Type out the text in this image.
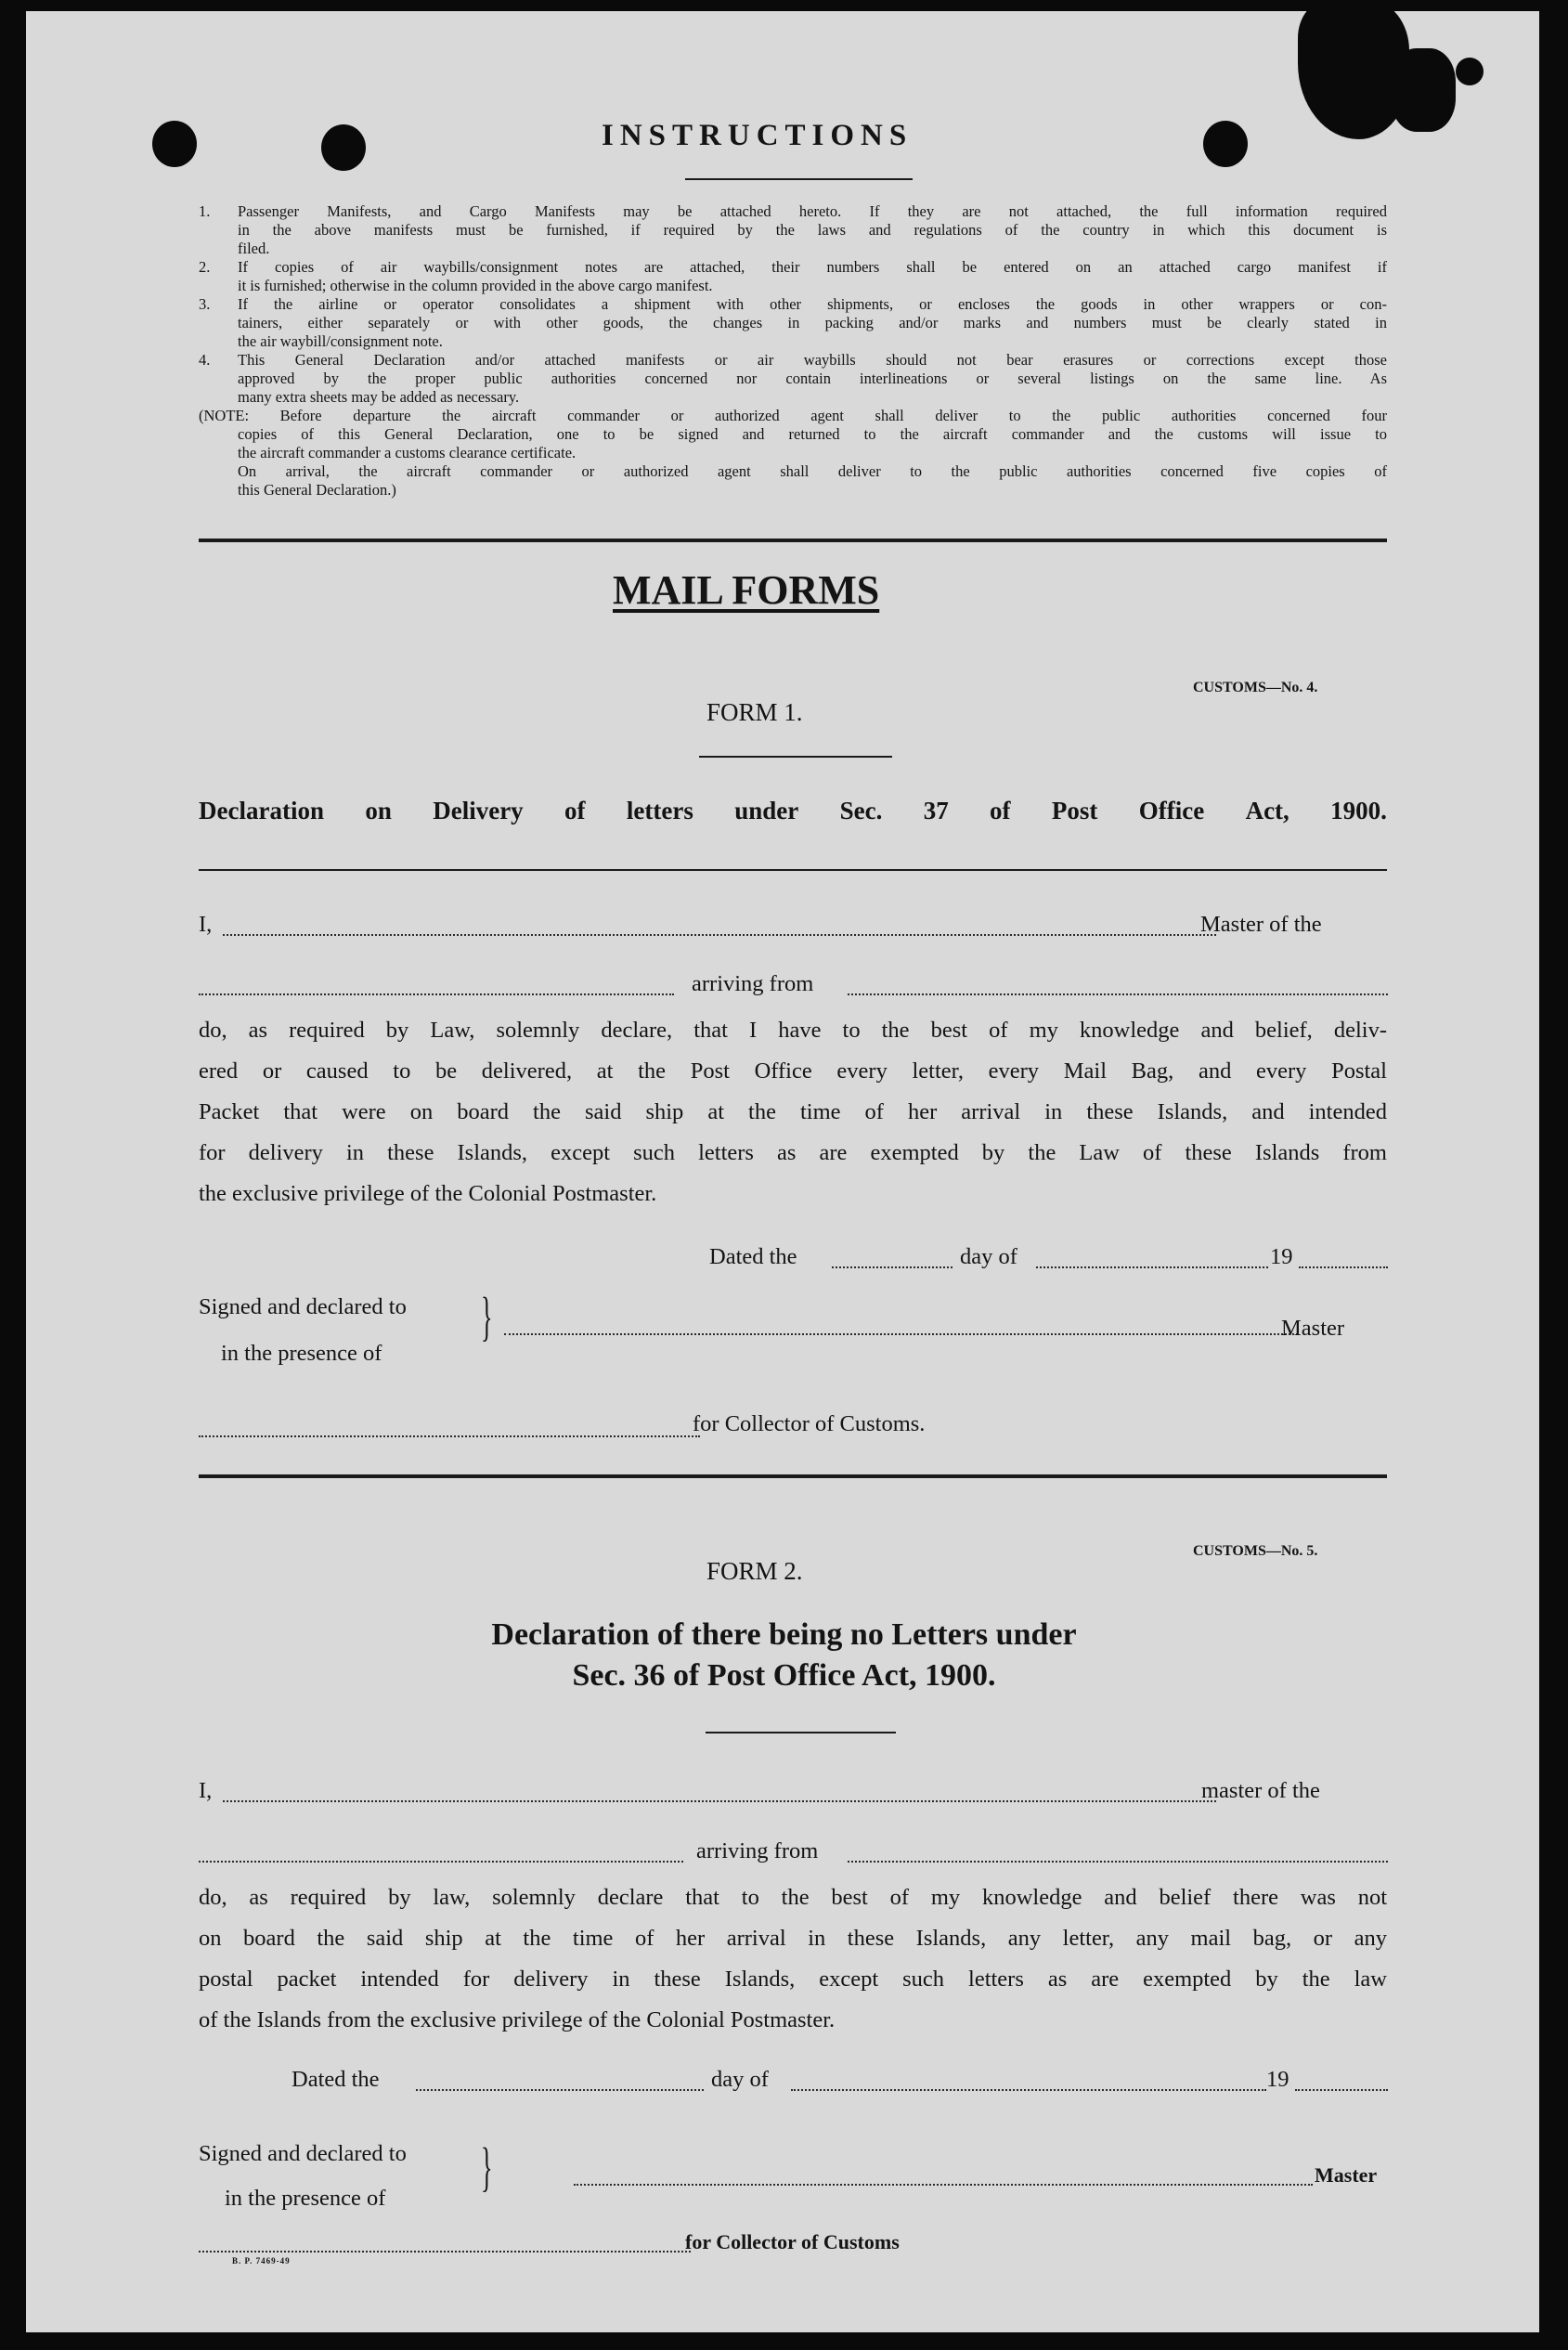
INSTRUCTIONS
1. Passenger Manifests, and Cargo Manifests may be attached hereto. If they are not attached, the full information required
in the above manifests must be furnished, if required by the laws and regulations of the country in which this document is
filed.
2. If copies of air waybills/consignment notes are attached, their numbers shall be entered on an attached cargo manifest if
it is furnished; otherwise in the column provided in the above cargo manifest.
3. If the airline or operator consolidates a shipment with other shipments, or encloses the goods in other wrappers or con-
tainers, either separately or with other goods, the changes in packing and/or marks and numbers must be clearly stated in
the air waybill/consignment note.
4. This General Declaration and/or attached manifests or air waybills should not bear erasures or corrections except those
approved by the proper public authorities concerned nor contain interlineations or several listings on the same line. As
many extra sheets may be added as necessary.
(NOTE: Before departure the aircraft commander or authorized agent shall deliver to the public authorities concerned four
copies of this General Declaration, one to be signed and returned to the aircraft commander and the customs will issue to
the aircraft commander a customs clearance certificate.
On arrival, the aircraft commander or authorized agent shall deliver to the public authorities concerned five copies of
this General Declaration.)
MAIL FORMS
CUSTOMS—No. 4.
FORM 1.
Declaration on Delivery of letters under Sec. 37 of Post Office Act, 1900.
I,	Master of the
arriving from
do, as required by Law, solemnly declare, that I have to the best of my knowledge and belief, deliv-
ered or caused to be delivered, at the Post Office every letter, every Mail Bag, and every Postal
Packet that were on board the said ship at the time of her arrival in these Islands, and intended
for delivery in these Islands, except such letters as are exempted by the Law of these Islands from
the exclusive privilege of the Colonial Postmaster.
Dated the	day of	19
Signed and declared to
in the presence of
}	Master
for Collector of Customs.
CUSTOMS—No. 5.
FORM 2.
Declaration of there being no Letters under
Sec. 36 of Post Office Act, 1900.
I,	master of the
arriving from
do, as required by law, solemnly declare that to the best of my knowledge and belief there was not
on board the said ship at the time of her arrival in these Islands, any letter, any mail bag, or any
postal packet intended for delivery in these Islands, except such letters as are exempted by the law
of the Islands from the exclusive privilege of the Colonial Postmaster.
Dated the	day of	19
Signed and declared to
in the presence of
}	Master
for Collector of Customs
B. P. 7469-49
